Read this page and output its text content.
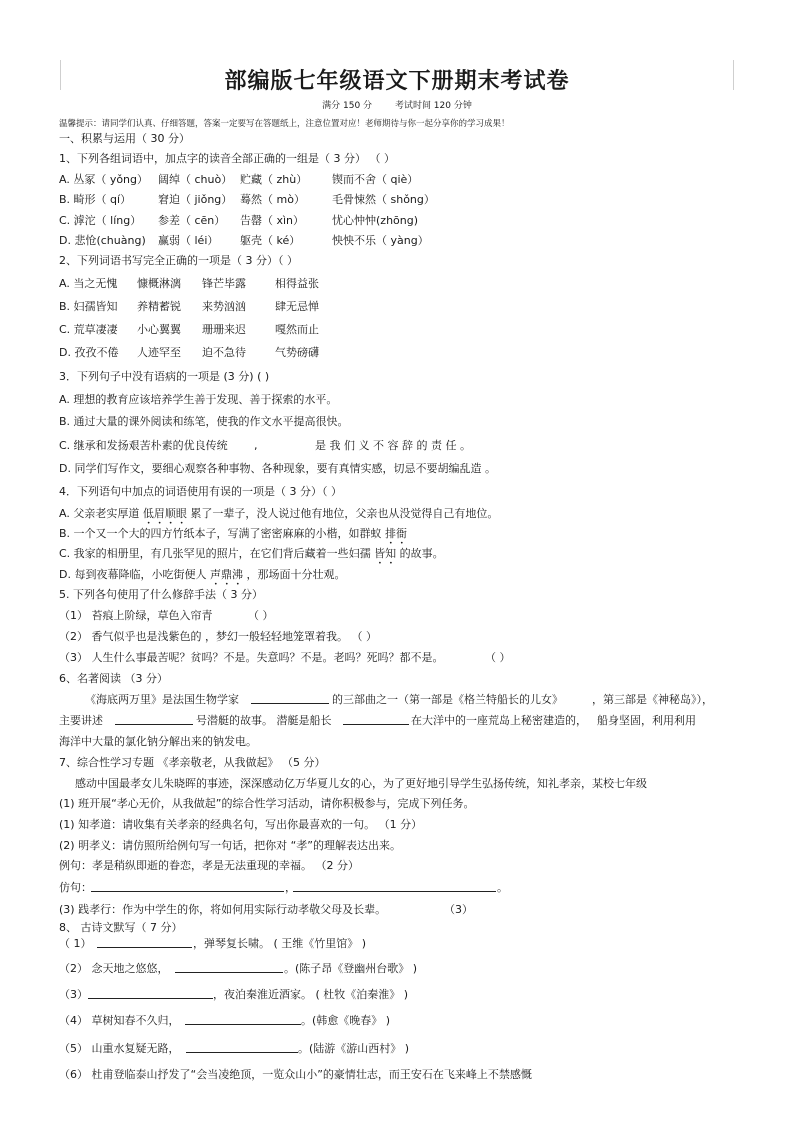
部编版七年级语文下册期末考试卷
满分 150 分	考试时间 120 分钟
温馨提示：请同学们认真、仔细答题，答案一定要写在答题纸上，注意位置对应！老师期待与你一起分享你的学习成果！
一、积累与运用（ 30 分）
1、下列各组词语中，加点字的读音全部正确的一组是（ 3 分） （ ）
A. 丛冢（ yǒng） 阔绰（ chuò） 贮藏（ zhù） 锲而不舍（ qiè）
B. 畸形（ qí） 窘迫（ jiǒng） 蓦然（ mò） 毛骨悚然（ shǒng）
C. 滹沱（ líng） 参差（ cēn） 告罄（ xìn）	忧心忡忡(zhōng)
D. 悲怆(chuàng) 赢弱（ léi） 躯壳（ ké）	怏怏不乐（ yàng）
2、下列词语书写完全正确的一项是（ 3 分）（ ）
A. 当之无愧 慷概淋漓 锋芒毕露	相得益张
B. 妇孺皆知 养精蓄锐 来势汹汹	肆无忌惮
C. 荒草凄凄 小心翼翼 珊珊来迟	嘎然而止
D. 孜孜不倦 人迹罕至 迫不急待	气势磅礴
3．下列句子中没有语病的一项是 (3 分) ( )
A. 理想的教育应该培养学生善于发现、善于探索的水平。
B. 通过大量的课外阅读和练笔，使我的作文水平提高很快。
C. 继承和发扬艰苦朴素的优良传统 ,	是 我 们 义 不 容 辞 的 责 任 。
D. 同学们写作文，要细心观察各种事物、各种现象，要有真情实感，切忌不要胡编乱造 。
4．下列语句中加点的词语使用有误的一项是（ 3 分）（ ）
A. 父亲老实厚道 低眉顺眼 累了一辈子，没人说过他有地位，父亲也从没觉得自己有地位。
B. 一个又一个大的四方竹纸本子，写满了密密麻麻的小楷，如群蚁 排衙
C. 我家的相册里，有几张罕见的照片，在它们背后藏着一些妇孺 皆知 的故事。
D. 每到夜幕降临，小吃街便人 声鼎沸 ，那场面十分壮观。
5. 下列各句使用了什么修辞手法（ 3 分）
（1） 苔痕上阶绿，草色入帘青	（ ）
（2） 香气似乎也是浅紫色的 ，梦幻一般轻轻地笼罩着我。 （ ）
（3） 人生什么事最苦呢？贫吗？不是。失意吗？不是。老吗？死吗？都不是。	（ ）
6、名著阅读 （3 分）
《海底两万里》是法国生物学家	的三部曲之一（第一部是《格兰特船长的儿女》	，第三部是《神秘岛》），
主要讲述	号潜艇的故事。 潜艇是船长	在大洋中的一座荒岛上秘密建造的， 船身坚固，利用利用
海洋中大量的氯化钠分解出来的钠发电。
7、综合性学习专题 《孝亲敬老，从我做起》 （5 分）
感动中国最孝女儿朱晓晖的事迹，深深感动亿万华夏儿女的心，为了更好地引导学生弘扬传统，知礼孝亲，某校七年级
(1) 班开展“孝心无价，从我做起”的综合性学习活动，请你积极参与，完成下列任务。
(1) 知孝道：请收集有关孝亲的经典名句，写出你最喜欢的一句。 （1 分）
(2) 明孝义：请仿照所给例句写一句话，把你对 “孝”的理解表达出来。
例句：孝是稍纵即逝的眷恋，孝是无法重现的幸福。 （2 分）
仿句：	，	。
(3) 践孝行：作为中学生的你，将如何用实际行动孝敬父母及长辈。	（3）
8、 古诗文默写（ 7 分）
（ 1）	，弹琴复长啸。 ( 王维《竹里馆》 )
（2） 念天地之悠悠，	。(陈子昂《登幽州台歌》 )
（3）	，夜泊秦淮近酒家。 ( 杜牧《泊秦淮》 )
（4） 草树知春不久归，	。(韩愈《晚春》 )
（5） 山重水复疑无路，	。(陆游《游山西村》 )
（6） 杜甫登临泰山抒发了“会当凌绝顶，一览众山小”的豪情壮志，而王安石在飞来峰上不禁感慨
